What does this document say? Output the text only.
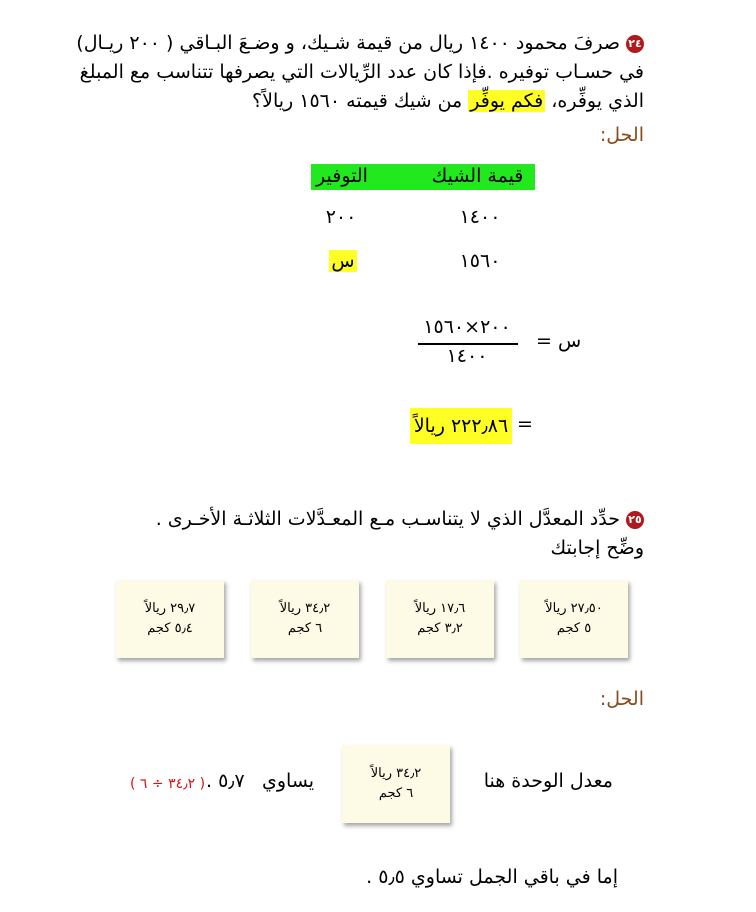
٢٤صرفَ محمود ١٤٠٠ ريال من قيمة شـيك، و وضـعَ البـاقي ( ٢٠٠ ريـال)
في حسـاب توفيره .فإذا كان عدد الرِّيالات التي يصرفها تتناسب مع المبلغ
الذي يوفِّره، فكم يوفِّر من شيك قيمته ١٥٦٠ ريالاً؟
الحل:
قيمة الشيك
التوفير
١٤٠٠
٢٠٠
١٥٦٠
س
س =
٢٠٠×١٥٦٠
١٤٠٠
=
٢٢٢٫٨٦ ريالاً
٢٥حدِّد المعدَّل الذي لا يتناسـب مـع المعـدَّلات الثلاثـة الأخـرى .
وضِّح إجابتك
٢٧٫٥٠ ريالاً
٥ كجم
١٧٫٦ ريالاً
٣٫٢ كجم
٣٤٫٢ ريالاً
٦ كجم
٢٩٫٧ ريالاً
٥٫٤ كجم
الحل:
معدل الوحدة هنا
٣٤٫٢ ريالاً
٦ كجم
يساوي
٥٫٧ .
( ٣٤٫٢ ÷ ٦ )
إما في باقي الجمل تساوي ٥٫٥ .
